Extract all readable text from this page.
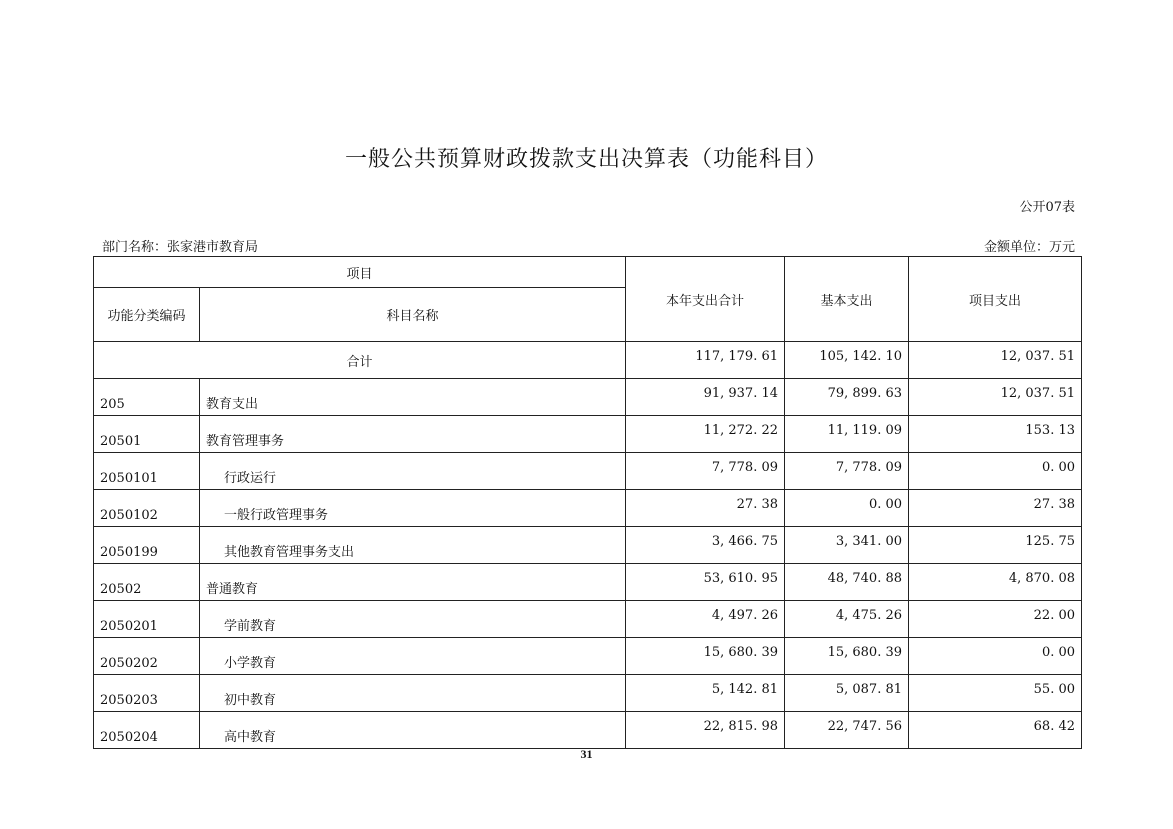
一般公共预算财政拨款支出决算表（功能科目）
公开07表
部门名称：张家港市教育局	金额单位：万元
项目		本年支出合计	基本支出	项目支出
功能分类编码	科目名称			
合计		117, 179. 61	105, 142. 10	12, 037. 51
205	教育支出	91, 937. 14	79, 899. 63	12, 037. 51
20501	教育管理事务	11, 272. 22	11, 119. 09	153. 13
2050101	行政运行	7, 778. 09	7, 778. 09	0. 00
2050102	一般行政管理事务	27. 38	0. 00	27. 38
2050199	其他教育管理事务支出	3, 466. 75	3, 341. 00	125. 75
20502	普通教育	53, 610. 95	48, 740. 88	4, 870. 08
2050201	学前教育	4, 497. 26	4, 475. 26	22. 00
2050202	小学教育	15, 680. 39	15, 680. 39	0. 00
2050203	初中教育	5, 142. 81	5, 087. 81	55. 00
2050204	高中教育	22, 815. 98	22, 747. 56	68. 42
31
